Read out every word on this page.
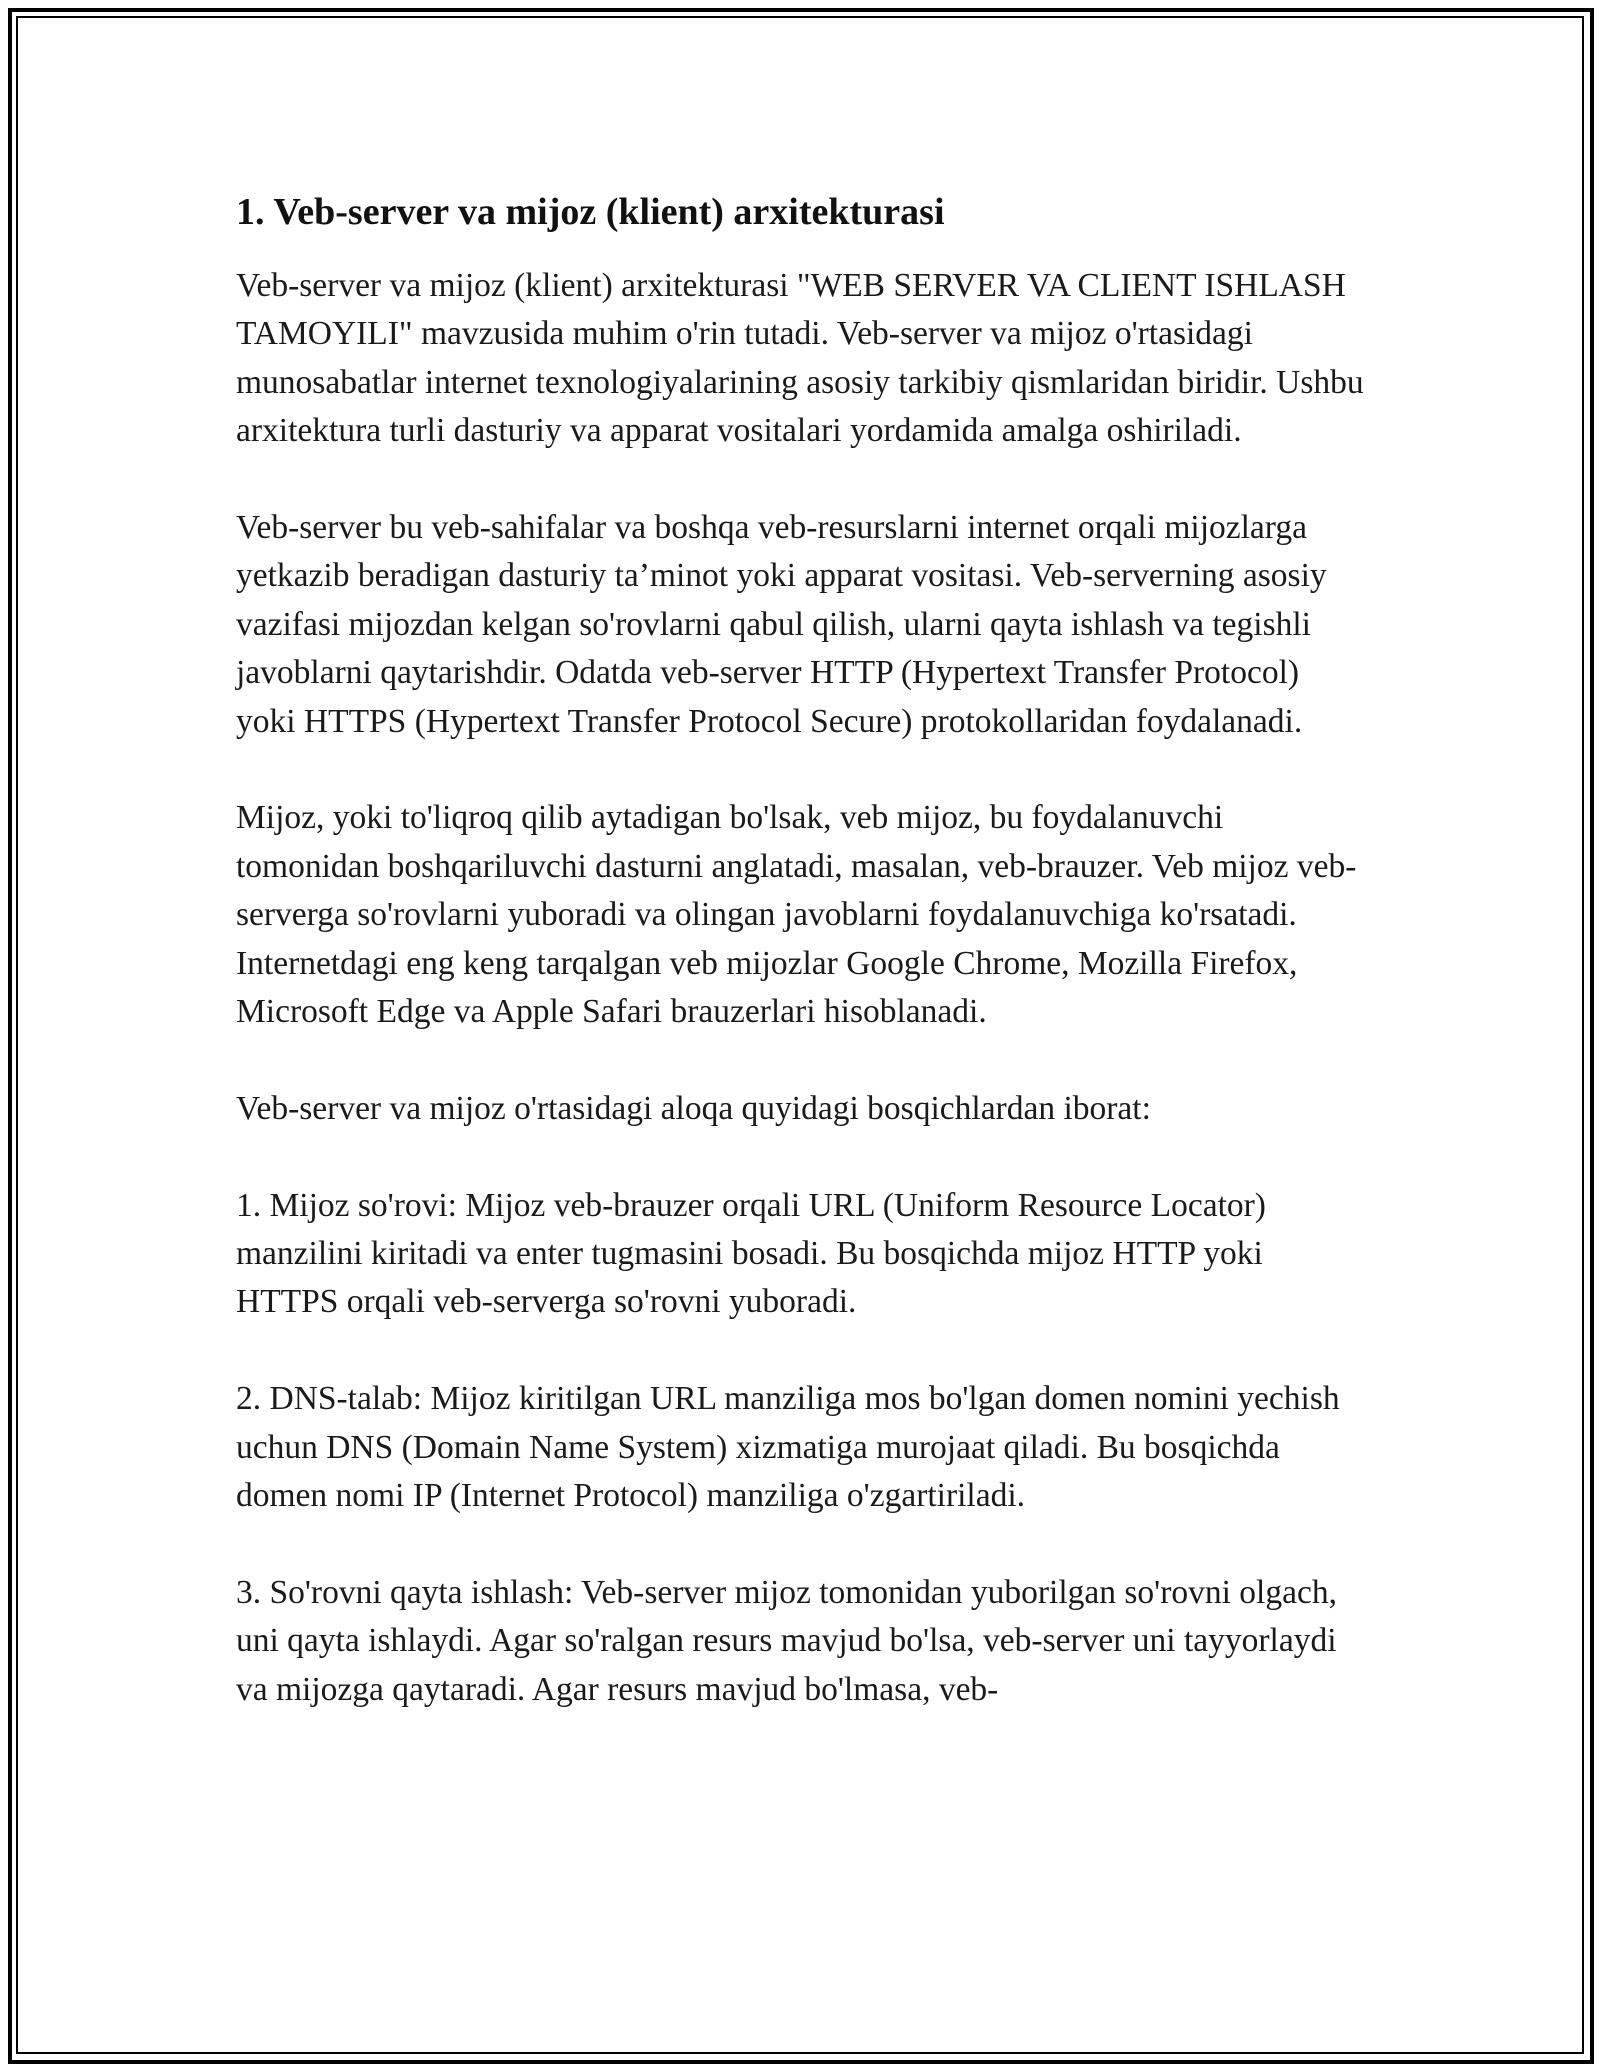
1. Veb-server va mijoz (klient) arxitekturasi

Veb-server va mijoz (klient) arxitekturasi "WEB SERVER VA CLIENT ISHLASH TAMOYILI" mavzusida muhim o'rin tutadi. Veb-server va mijoz o'rtasidagi munosabatlar internet texnologiyalarining asosiy tarkibiy qismlaridan biridir. Ushbu arxitektura turli dasturiy va apparat vositalari yordamida amalga oshiriladi.

Veb-server bu veb-sahifalar va boshqa veb-resurslarni internet orqali mijozlarga yetkazib beradigan dasturiy ta’minot yoki apparat vositasi. Veb-serverning asosiy vazifasi mijozdan kelgan so'rovlarni qabul qilish, ularni qayta ishlash va tegishli javoblarni qaytarishdir. Odatda veb-server HTTP (Hypertext Transfer Protocol) yoki HTTPS (Hypertext Transfer Protocol Secure) protokollaridan foydalanadi.

Mijoz, yoki to'liqroq qilib aytadigan bo'lsak, veb mijoz, bu foydalanuvchi tomonidan boshqariluvchi dasturni anglatadi, masalan, veb-brauzer. Veb mijoz veb-serverga so'rovlarni yuboradi va olingan javoblarni foydalanuvchiga ko'rsatadi. Internetdagi eng keng tarqalgan veb mijozlar Google Chrome, Mozilla Firefox, Microsoft Edge va Apple Safari brauzerlari hisoblanadi.

Veb-server va mijoz o'rtasidagi aloqa quyidagi bosqichlardan iborat:

1. Mijoz so'rovi: Mijoz veb-brauzer orqali URL (Uniform Resource Locator) manzilini kiritadi va enter tugmasini bosadi. Bu bosqichda mijoz HTTP yoki HTTPS orqali veb-serverga so'rovni yuboradi.

2. DNS-talab: Mijoz kiritilgan URL manziliga mos bo'lgan domen nomini yechish uchun DNS (Domain Name System) xizmatiga murojaat qiladi. Bu bosqichda domen nomi IP (Internet Protocol) manziliga o'zgartiriladi.

3. So'rovni qayta ishlash: Veb-server mijoz tomonidan yuborilgan so'rovni olgach, uni qayta ishlaydi. Agar so'ralgan resurs mavjud bo'lsa, veb-server uni tayyorlaydi va mijozga qaytaradi. Agar resurs mavjud bo'lmasa, veb-
